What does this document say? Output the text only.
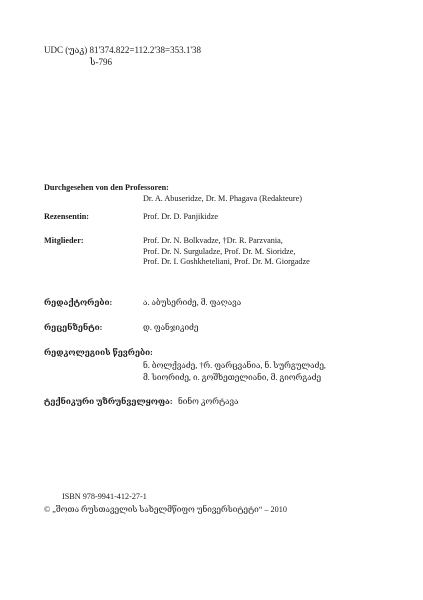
UDC (უაკ) 81'374.822=112.2'38=353.1'38
ს-796
Durchgesehen von den Professoren:
Dr. A. Abuseridze, Dr. M. Phagava (Redakteure)
Rezensentin:	Prof. Dr. D. Panjikidze
Mitglieder:	Prof. Dr. N. Bolkvadze, †Dr. R. Parzvania,
Prof. Dr. N. Surguladze, Prof. Dr. M. Sioridze,
Prof. Dr. I. Goshkheteliani, Prof. Dr. M. Giorgadze
რედაქტორები:	ა. აბუსერიძე, მ. ფაღავა
რეცენზენტი:	დ. ფანჯიკიძე
რედკოლეგიის წევრები:
ნ. ბოლქვაძე, †რ. ფარცვანია, ნ. სურგულაძე,
მ. სიორიძე, ი. გოშხეთელიანი, მ. გიორგაძე
ტექნიკური უზრუნველყოფა: ნინო კორტავა
ISBN 978-9941-412-27-1
© „შოთა რუსთაველის სახელმწიფო უნივერსიტეტი“ – 2010
